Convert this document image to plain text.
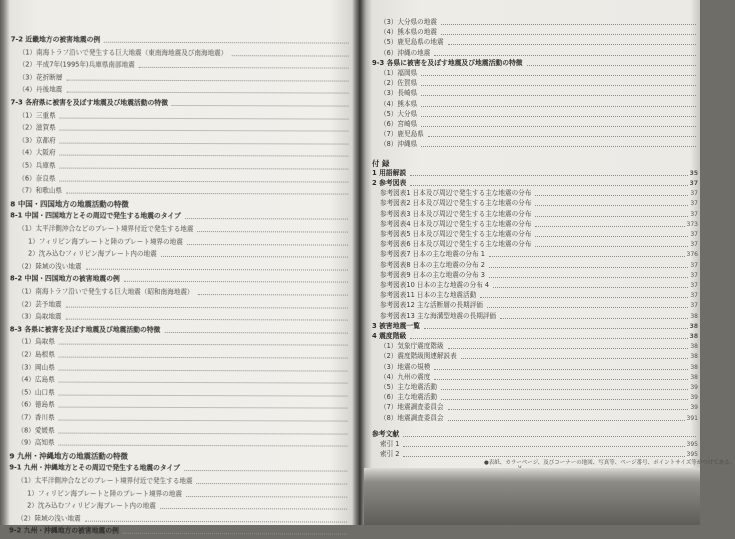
7-2 近畿地方の被害地震の例
（1）南海トラフ沿いで発生する巨大地震（東南海地震及び南海地震）
（2）平成7年(1995年)兵庫県南部地震
（3）花折断層
（4）丹後地震
7-3 各府県に被害を及ぼす地震及び地震活動の特徴
（1）三重県
（2）滋賀県
（3）京都府
（4）大阪府
（5）兵庫県
（6）奈良県
（7）和歌山県
8 中国・四国地方の地震活動の特徴
8-1 中国・四国地方とその周辺で発生する地震のタイプ
（1）太平洋側沖合などのプレート境界付近で発生する地震
1）フィリピン海プレートと陸のプレート境界の地震
2）沈み込むフィリピン海プレート内の地震
（2）陸域の浅い地震
8-2 中国・四国地方の被害地震の例
（1）南海トラフ沿いで発生する巨大地震（昭和南海地震）
（2）芸予地震
（3）鳥取地震
8-3 各県に被害を及ぼす地震及び地震活動の特徴
（1）鳥取県
（2）島根県
（3）岡山県
（4）広島県
（5）山口県
（6）徳島県
（7）香川県
（8）愛媛県
（9）高知県
9 九州・沖縄地方の地震活動の特徴
9-1 九州・沖縄地方とその周辺で発生する地震のタイプ
（1）太平洋側沖合などのプレート境界付近で発生する地震
1）フィリピン海プレートと陸のプレート境界の地震
2）沈み込むフィリピン海プレート内の地震
（2）陸域の浅い地震
9-2 九州・沖縄地方の被害地震の例
●表紙、カラーページ、及びコーナーの地図、写真等、ページ番号、ポイントサイズ等がつけてある。
（3）大分県の地震
（4）熊本県の地震
（5）鹿児島県の地震
（6）沖縄の地震
9-3 各県に被害を及ぼす地震及び地震活動の特徴
（1）福岡県
（2）佐賀県
（3）長崎県
（4）熊本県
（5）大分県
（6）宮崎県
（7）鹿児島県
（8）沖縄県
付 録
1 用語解説	35
2 参考図表	37
参考図表1 日本及び周辺で発生する主な地震の分布	37
参考図表2 日本及び周辺で発生する主な地震の分布	37
参考図表3 日本及び周辺で発生する主な地震の分布	37
参考図表4 日本及び周辺で発生する主な地震の分布	373
参考図表5 日本及び周辺で発生する主な地震の分布	37
参考図表6 日本及び周辺で発生する主な地震の分布	37
参考図表7 日本の主な地震の分布 1	376
参考図表8 日本の主な地震の分布 2	37
参考図表9 日本の主な地震の分布 3	37
参考図表10 日本の主な地震の分布 4	37
参考図表11 日本の主な地震活動	37
参考図表12 主な活断層の長期評価	37
参考図表13 主な海溝型地震の長期評価	38
3 被害地震一覧	38
4 震度階級	38
（1）気象庁震度階級	38
（2）震度階級関連解説表	38
（3）地震の規模	38
（4）九州の震度	38
（5）主な地震活動	39
（6）主な地震活動	39
（7）地震調査委員会	39
（8）地震調査委員会	391
参考文献
索引 1	395
索引 2	395
